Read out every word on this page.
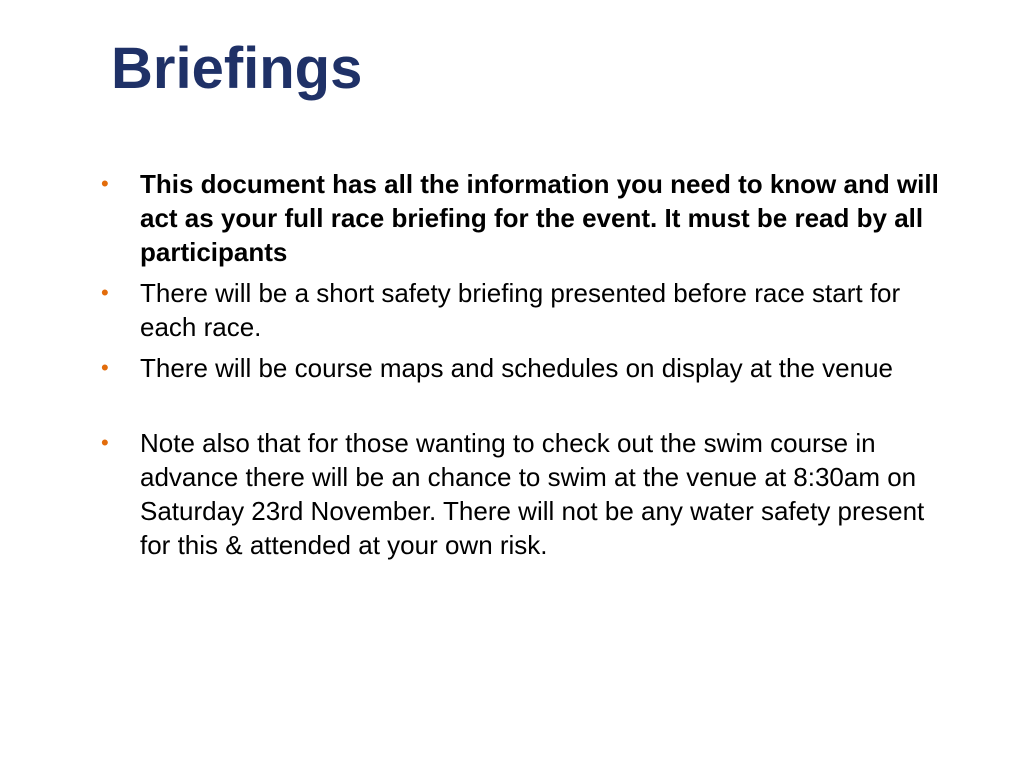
Briefings
• This document has all the information you need to know and will act as your full race briefing for the event. It must be read by all participants
• There will be a short safety briefing presented before race start for each race.
• There will be course maps and schedules on display at the venue
• Note also that for those wanting to check out the swim course in advance there will be an chance to swim at the venue at 8:30am on Saturday 23rd November. There will not be any water safety present for this & attended at your own risk.
